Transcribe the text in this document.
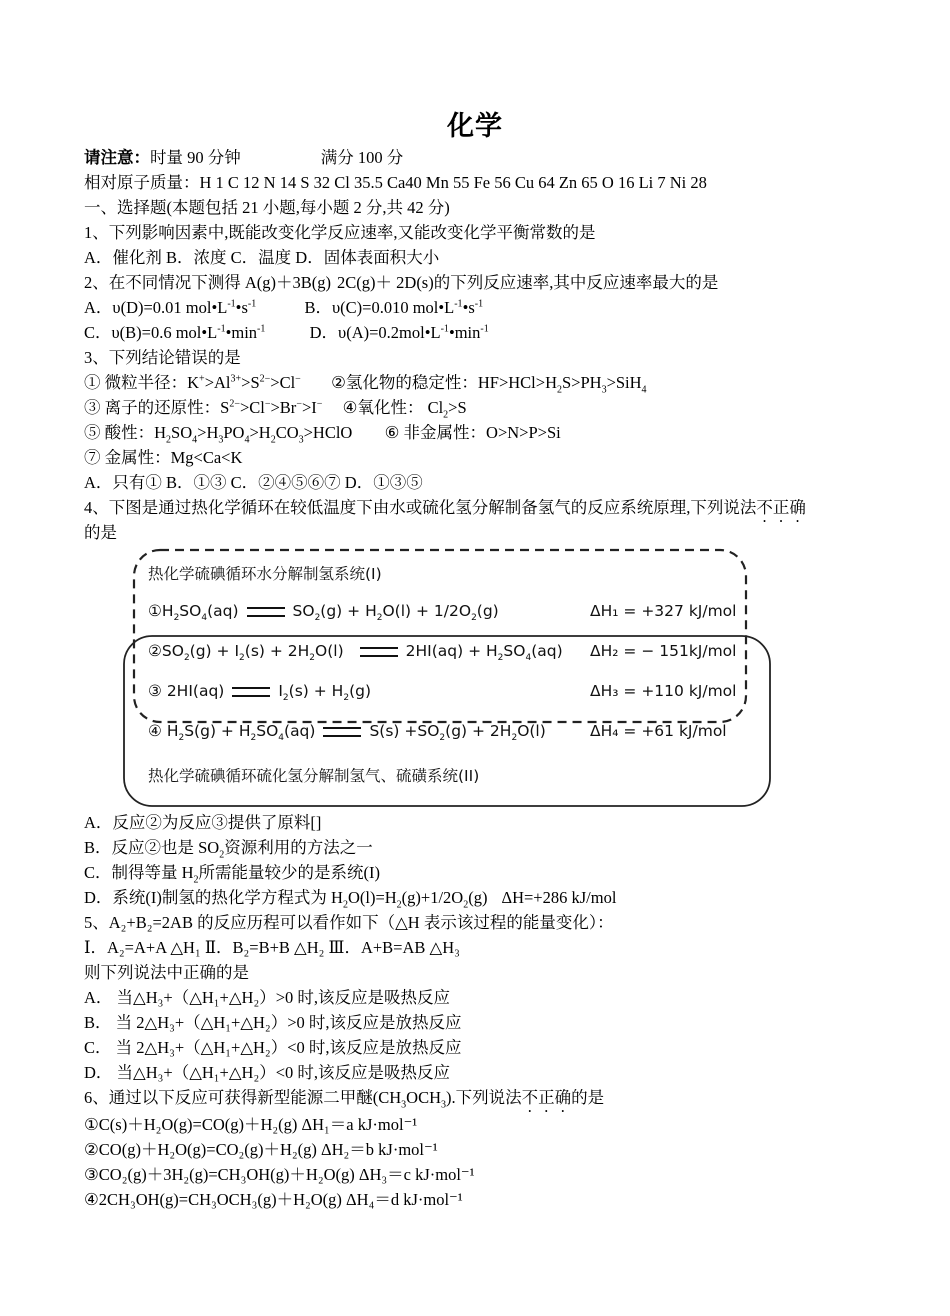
化学
请注意：时量 90 分钟	满分 100 分
相对原子质量：H 1 C 12 N 14 S 32 Cl 35.5 Ca40 Mn 55 Fe 56 Cu 64 Zn 65 O 16 Li 7 Ni 28
一、选择题(本题包括 21 小题,每小题 2 分,共 42 分)
1、下列影响因素中,既能改变化学反应速率,又能改变化学平衡常数的是
A．催化剂 B．浓度 C．温度 D．固体表面积大小
2、在不同情况下测得 A(g)＋3B(g) 2C(g)＋ 2D(s)的下列反应速率,其中反应速率最大的是
A．υ(D)=0.01 $mol•L^{-1}•s^{-1}$	B．υ(C)=0.010 $mol•L^{-1}•s^{-1}$
C．υ(B)=0.6 $mol•L^{-1}•\min^{-1}$	D．$\upsilon(A)=0.2mol•L^{-1}•\min^{-1}$
3、下列结论错误的是
① 微粒半径：$K^+>Al^{3+}>S^{2-}>Cl^-$ ②氢化物的稳定性：$HF>HCl>H_2S>PH_3>SiH_4$
③ 离子的还原性：$S^{2-}>Cl^->Br^->I^-$ ④氧化性： $Cl_2>S$
⑤ 酸性：$H_2SO_4>H_3PO_4>H_2CO_3>HClO$  ⑥ 非金属性：O>N>P>Si
⑦ 金属性：Mg<Ca<K
A．只有① B．①③ C．②④⑤⑥⑦ D．①③⑤
4、下图是通过热化学循环在较低温度下由水或硫化氢分解制备氢气的反应系统原理,下列说法不正确
的是
热化学硫碘循环水分解制氢系统(I)
$①H_2SO_4(aq)$	$SO_2(g) + H_2O(l) + 1/2O_2(g)$	ΔH₁ = +327 kJ/mol
$②SO_2(g) + I_2(s) + 2H_2O(l)$	$2HI(aq) + H_2SO_4(aq) \Delta H_2$ = − 151kJ/mol
③ 2HI(aq)	$I_2(s) + H_2(g)$	ΔH₃ = +110 kJ/mol
④ $H_2S(g) + H_2SO_4(aq)$	$S(s) +SO_2(g) + 2H_2O(l)$	ΔH₄ = +61 kJ/mol
热化学硫碘循环硫化氢分解制氢气、硫磺系统(II)
A．反应②为反应③提供了原料[]
B．反应②也是 $SO_2$资源利用的方法之一
C．制得等量 $H_2$所需能量较少的是系统(I)
D．系统(I)制氢的热化学方程式为 $H_2O(l)=H_2(g)+1/2O_2(g)$ ΔH=+286 kJ/mol
5、A₂+B₂=2AB 的反应历程可以看作如下（△H 表示该过程的能量变化）：
Ⅰ．A₂=A+A △H₁ Ⅱ．B₂=B+B △H₂ Ⅲ．A+B=AB △H₃
则下列说法中正确的是
A． 当△H₃+（△H₁+△H₂）>0 时,该反应是吸热反应
B． 当 2△H₃+（△H₁+△H₂）>0 时,该反应是放热反应
C． 当 2△H₃+（△H₁+△H₂）<0 时,该反应是放热反应
D． 当△H₃+（△H₁+△H₂）<0 时,该反应是吸热反应
6、通过以下反应可获得新型能源二甲醚$(CH_3OCH_3)$.下列说法不正确的是
①C(s)＋H₂O(g)=CO(g)＋H₂(g) ΔH₁＝a kJ·mol⁻¹
②CO(g)＋H₂O(g)=CO₂(g)＋H₂(g) ΔH₂＝b kJ·mol⁻¹
③CO₂(g)＋3H₂(g)=CH₃OH(g)＋H₂O(g) ΔH₃＝c kJ·mol⁻¹
④2CH₃OH(g)=CH₃OCH₃(g)＋H₂O(g) ΔH₄＝d kJ·mol⁻¹
